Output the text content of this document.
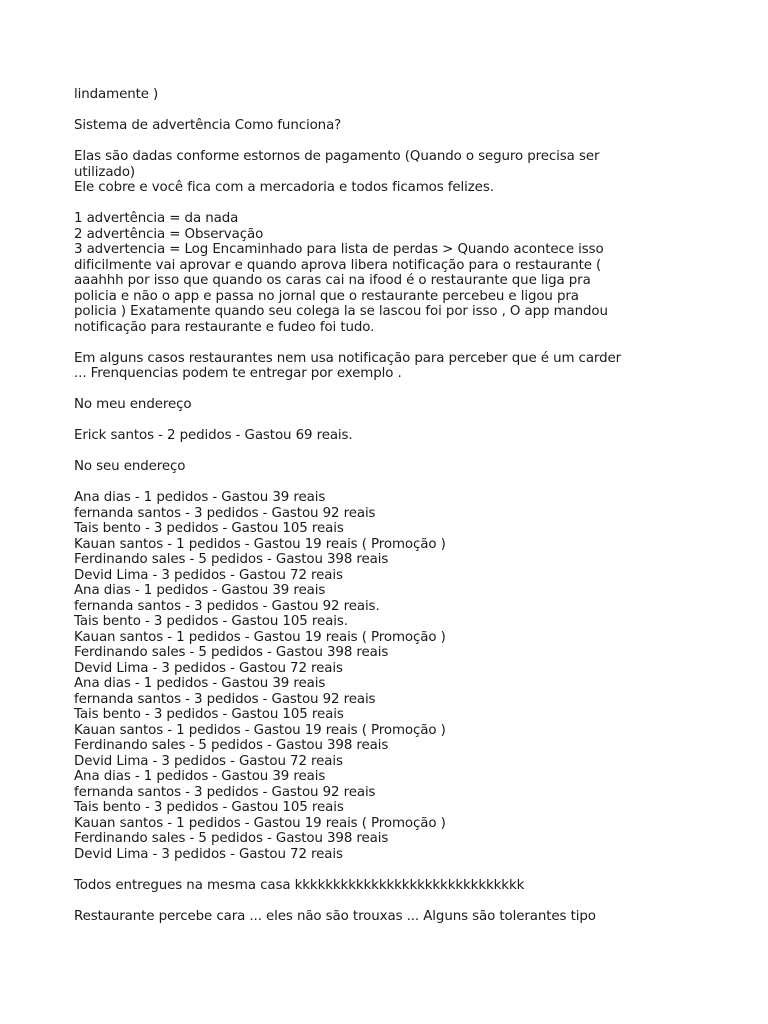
lindamente )

Sistema de advertência Como funciona?

Elas são dadas conforme estornos de pagamento (Quando o seguro precisa ser
utilizado)
Ele cobre e você fica com a mercadoria e todos ficamos felizes.
1 advertência = da nada
2 advertência = Observação
3 advertencia = Log Encaminhado para lista de perdas > Quando acontece isso
dificilmente vai aprovar e quando aprova libera notificação para o restaurante (
aaahhh por isso que quando os caras cai na ifood é o restaurante que liga pra
policia e não o app e passa no jornal que o restaurante percebeu e ligou pra
policia ) Exatamente quando seu colega la se lascou foi por isso , O app mandou
notificação para restaurante e fudeo foi tudo.
Em alguns casos restaurantes nem usa notificação para perceber que é um carder
... Frenquencias podem te entregar por exemplo .

No meu endereço

Erick santos - 2 pedidos - Gastou 69 reais.

No seu endereço

Ana dias - 1 pedidos - Gastou 39 reais
fernanda santos - 3 pedidos - Gastou 92 reais
Tais bento - 3 pedidos - Gastou 105 reais
Kauan santos - 1 pedidos - Gastou 19 reais ( Promoção )
Ferdinando sales - 5 pedidos - Gastou 398 reais
Devid Lima - 3 pedidos - Gastou 72 reais
Ana dias - 1 pedidos - Gastou 39 reais
fernanda santos - 3 pedidos - Gastou 92 reais.
Tais bento - 3 pedidos - Gastou 105 reais.
Kauan santos - 1 pedidos - Gastou 19 reais ( Promoção )
Ferdinando sales - 5 pedidos - Gastou 398 reais
Devid Lima - 3 pedidos - Gastou 72 reais
Ana dias - 1 pedidos - Gastou 39 reais
fernanda santos - 3 pedidos - Gastou 92 reais
Tais bento - 3 pedidos - Gastou 105 reais
Kauan santos - 1 pedidos - Gastou 19 reais ( Promoção )
Ferdinando sales - 5 pedidos - Gastou 398 reais
Devid Lima - 3 pedidos - Gastou 72 reais
Ana dias - 1 pedidos - Gastou 39 reais
fernanda santos - 3 pedidos - Gastou 92 reais
Tais bento - 3 pedidos - Gastou 105 reais
Kauan santos - 1 pedidos - Gastou 19 reais ( Promoção )
Ferdinando sales - 5 pedidos - Gastou 398 reais
Devid Lima - 3 pedidos - Gastou 72 reais

Todos entregues na mesma casa kkkkkkkkkkkkkkkkkkkkkkkkkkkkkk

Restaurante percebe cara ... eles não são trouxas ... Alguns são tolerantes tipo
